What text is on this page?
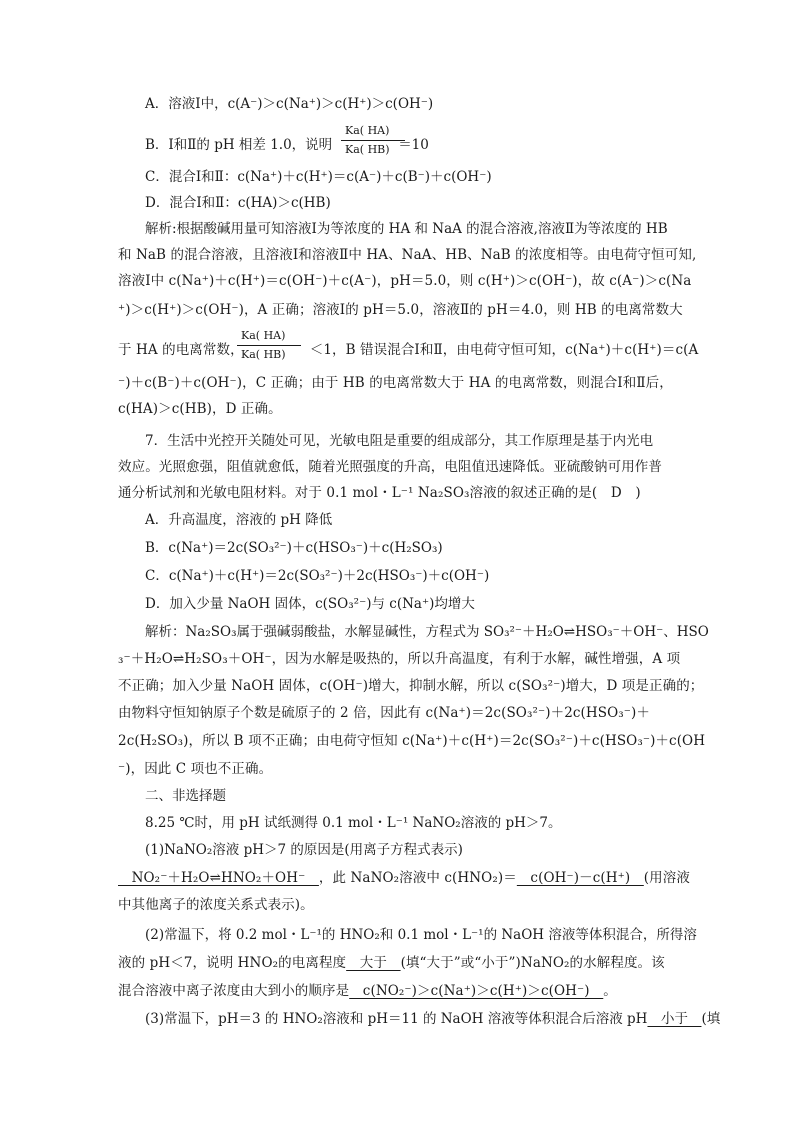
A．溶液Ⅰ中，c(A⁻)＞c(Na⁺)＞c(H⁺)＞c(OH⁻)
B．Ⅰ和Ⅱ的 pH 相差 1.0，说明	＝10
Ka( HA)
Ka( HB)
C．混合Ⅰ和Ⅱ：c(Na⁺)＋c(H⁺)＝c(A⁻)＋c(B⁻)＋c(OH⁻)
D．混合Ⅰ和Ⅱ：c(HA)＞c(HB)
解析:根据酸碱用量可知溶液Ⅰ为等浓度的 HA 和 NaA 的混合溶液,溶液Ⅱ为等浓度的 HB
和 NaB 的混合溶液，且溶液Ⅰ和溶液Ⅱ中 HA、NaA、HB、NaB 的浓度相等。由电荷守恒可知,
溶液Ⅰ中 c(Na⁺)＋c(H⁺)＝c(OH⁻)＋c(A⁻)，pH＝5.0，则 c(H⁺)＞c(OH⁻)，故 c(A⁻)＞c(Na
⁺)＞c(H⁺)＞c(OH⁻)，A 正确；溶液Ⅰ的 pH＝5.0，溶液Ⅱ的 pH＝4.0，则 HB 的电离常数大
于 HA 的电离常数，	＜1，B 错误混合Ⅰ和Ⅱ，由电荷守恒可知，c(Na⁺)＋c(H⁺)＝c(A
Ka( HA)
Ka( HB)
⁻)＋c(B⁻)＋c(OH⁻)，C 正确；由于 HB 的电离常数大于 HA 的电离常数，则混合Ⅰ和Ⅱ后，
c(HA)＞c(HB)，D 正确。
7．生活中光控开关随处可见，光敏电阻是重要的组成部分，其工作原理是基于内光电
效应。光照愈强，阻值就愈低，随着光照强度的升高，电阻值迅速降低。亚硫酸钠可用作普
通分析试剂和光敏电阻材料。对于 0.1 mol・L⁻¹ Na₂SO₃溶液的叙述正确的是(　D　)
A．升高温度，溶液的 pH 降低
B．c(Na⁺)＝2c(SO₃²⁻)＋c(HSO₃⁻)＋c(H₂SO₃)
C．c(Na⁺)＋c(H⁺)＝2c(SO₃²⁻)＋2c(HSO₃⁻)＋c(OH⁻)
D．加入少量 NaOH 固体，c(SO₃²⁻)与 c(Na⁺)均增大
解析：Na₂SO₃属于强碱弱酸盐，水解显碱性，方程式为 SO₃²⁻＋H₂O⇌HSO₃⁻＋OH⁻、HSO
₃⁻＋H₂O⇌H₂SO₃＋OH⁻，因为水解是吸热的，所以升高温度，有利于水解，碱性增强，A 项
不正确；加入少量 NaOH 固体，c(OH⁻)增大，抑制水解，所以 c(SO₃²⁻)增大，D 项是正确的；
由物料守恒知钠原子个数是硫原子的 2 倍，因此有 c(Na⁺)＝2c(SO₃²⁻)＋2c(HSO₃⁻)＋
2c(H₂SO₃)，所以 B 项不正确；由电荷守恒知 c(Na⁺)＋c(H⁺)＝2c(SO₃²⁻)＋c(HSO₃⁻)＋c(OH
⁻)，因此 C 项也不正确。
二、非选择题
8.25 ℃时，用 pH 试纸测得 0.1 mol・L⁻¹ NaNO₂溶液的 pH＞7。
(1)NaNO₂溶液 pH＞7 的原因是(用离子方程式表示)
　NO₂⁻＋H₂O⇌HNO₂＋OH⁻　，此 NaNO₂溶液中 c(HNO₂)＝　c(OH⁻)－c(H⁺)　(用溶液
中其他离子的浓度关系式表示)。
(2)常温下，将 0.2 mol・L⁻¹的 HNO₂和 0.1 mol・L⁻¹的 NaOH 溶液等体积混合，所得溶
液的 pH＜7，说明 HNO₂的电离程度　大于　(填“大于”或“小于”)NaNO₂的水解程度。该
混合溶液中离子浓度由大到小的顺序是　c(NO₂⁻)＞c(Na⁺)＞c(H⁺)＞c(OH⁻)　。
(3)常温下，pH＝3 的 HNO₂溶液和 pH＝11 的 NaOH 溶液等体积混合后溶液 pH　小于　(填
